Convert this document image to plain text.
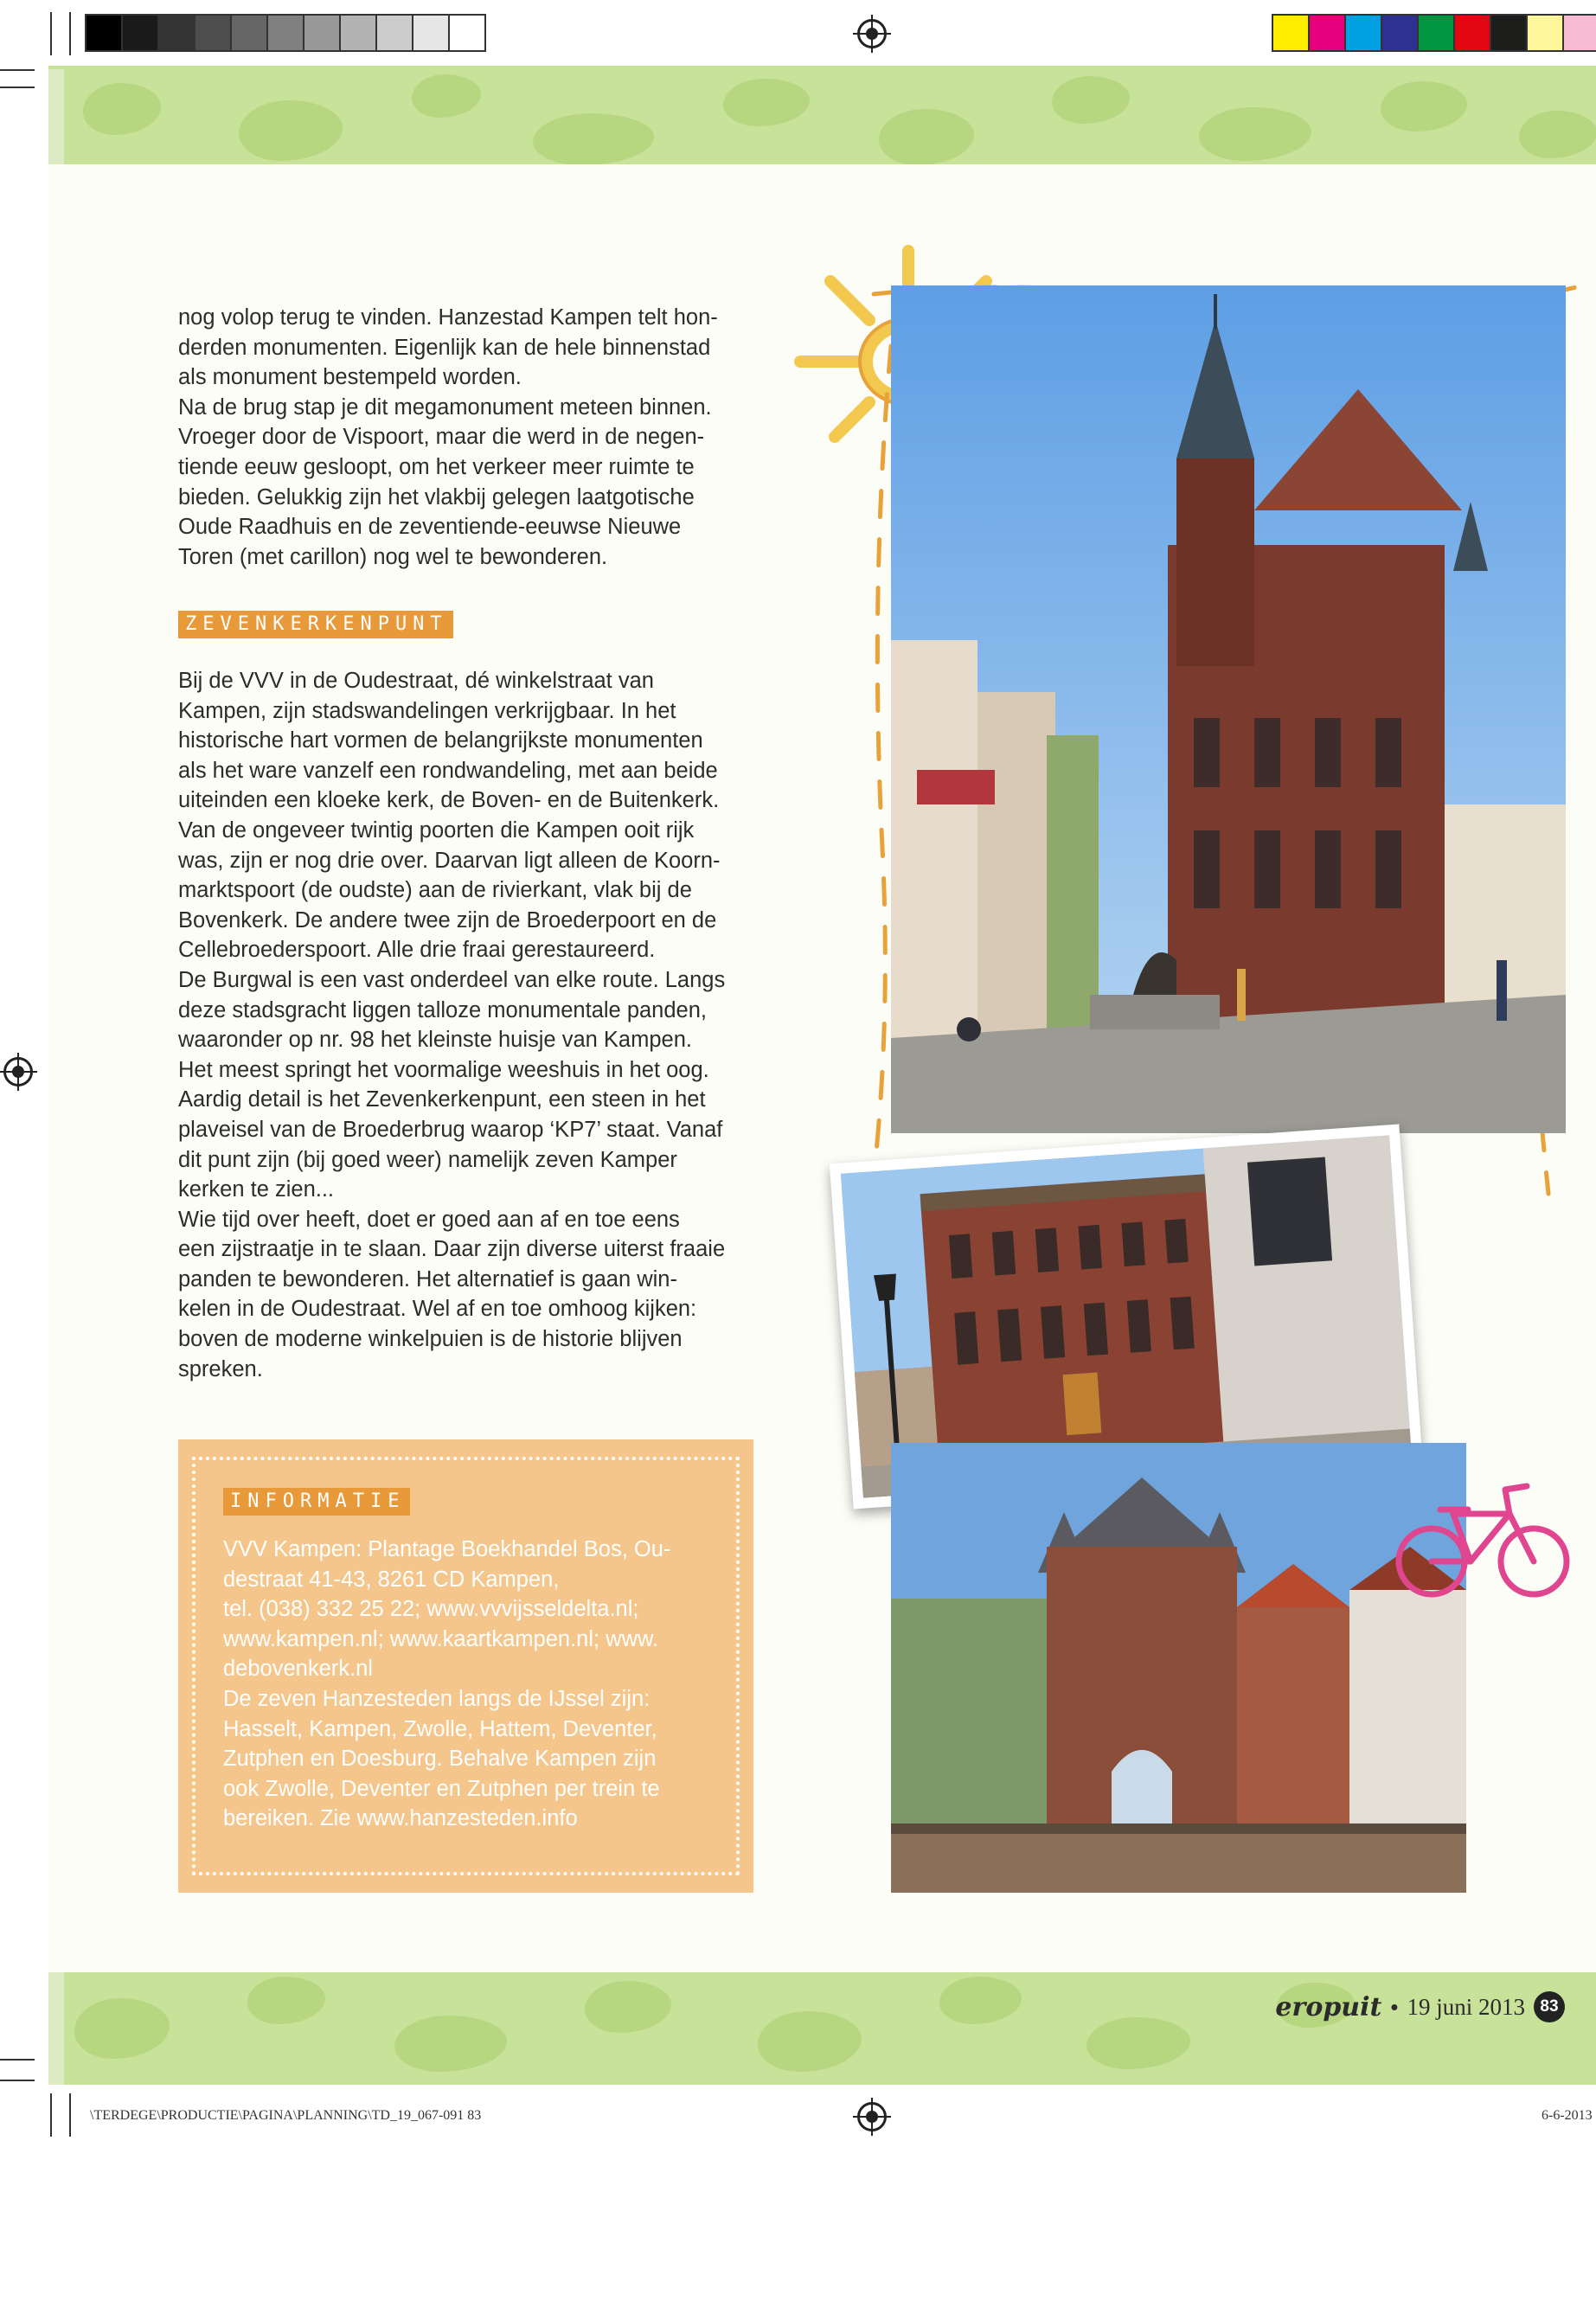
nog volop terug te vinden. Hanzestad Kampen telt hon-
derden monumenten. Eigenlijk kan de hele binnenstad
als monument bestempeld worden.
Na de brug stap je dit megamonument meteen binnen.
Vroeger door de Vispoort, maar die werd in de negen-
tiende eeuw gesloopt, om het verkeer meer ruimte te
bieden. Gelukkig zijn het vlakbij gelegen laatgotische
Oude Raadhuis en de zeventiende-eeuwse Nieuwe
Toren (met carillon) nog wel te bewonderen.

ZEVENKERKENPUNT

Bij de VVV in de Oudestraat, dé winkelstraat van
Kampen, zijn stadswandelingen verkrijgbaar. In het
historische hart vormen de belangrijkste monumenten
als het ware vanzelf een rondwandeling, met aan beide
uiteinden een kloeke kerk, de Boven- en de Buitenkerk.
Van de ongeveer twintig poorten die Kampen ooit rijk
was, zijn er nog drie over. Daarvan ligt alleen de Koorn-
marktspoort (de oudste) aan de rivierkant, vlak bij de
Bovenkerk. De andere twee zijn de Broederpoort en de
Cellebroederspoort. Alle drie fraai gerestaureerd.
De Burgwal is een vast onderdeel van elke route. Langs
deze stadsgracht liggen talloze monumentale panden,
waaronder op nr. 98 het kleinste huisje van Kampen.
Het meest springt het voormalige weeshuis in het oog.
Aardig detail is het Zevenkerkenpunt, een steen in het
plaveisel van de Broederbrug waarop ‘KP7’ staat. Vanaf
dit punt zijn (bij goed weer) namelijk zeven Kamper
kerken te zien...
Wie tijd over heeft, doet er goed aan af en toe eens
een zijstraatje in te slaan. Daar zijn diverse uiterst fraaie
panden te bewonderen. Het alternatief is gaan win-
kelen in de Oudestraat. Wel af en toe omhoog kijken:
boven de moderne winkelpuien is de historie blijven
spreken.

INFORMATIE
VVV Kampen: Plantage Boekhandel Bos, Ou-
destraat 41-43, 8261 CD Kampen,
tel. (038) 332 25 22; www.vvvijsseldelta.nl;
www.kampen.nl; www.kaartkampen.nl; www.
debovenkerk.nl
De zeven Hanzesteden langs de IJssel zijn:
Hasselt, Kampen, Zwolle, Hattem, Deventer,
Zutphen en Doesburg. Behalve Kampen zijn
ook Zwolle, Deventer en Zutphen per trein te
bereiken. Zie www.hanzesteden.info
eropuit • 19 juni 2013 83
\TERDEGE\PRODUCTIE\PAGINA\PLANNING\TD_19_067-091 83	6-6-2013
